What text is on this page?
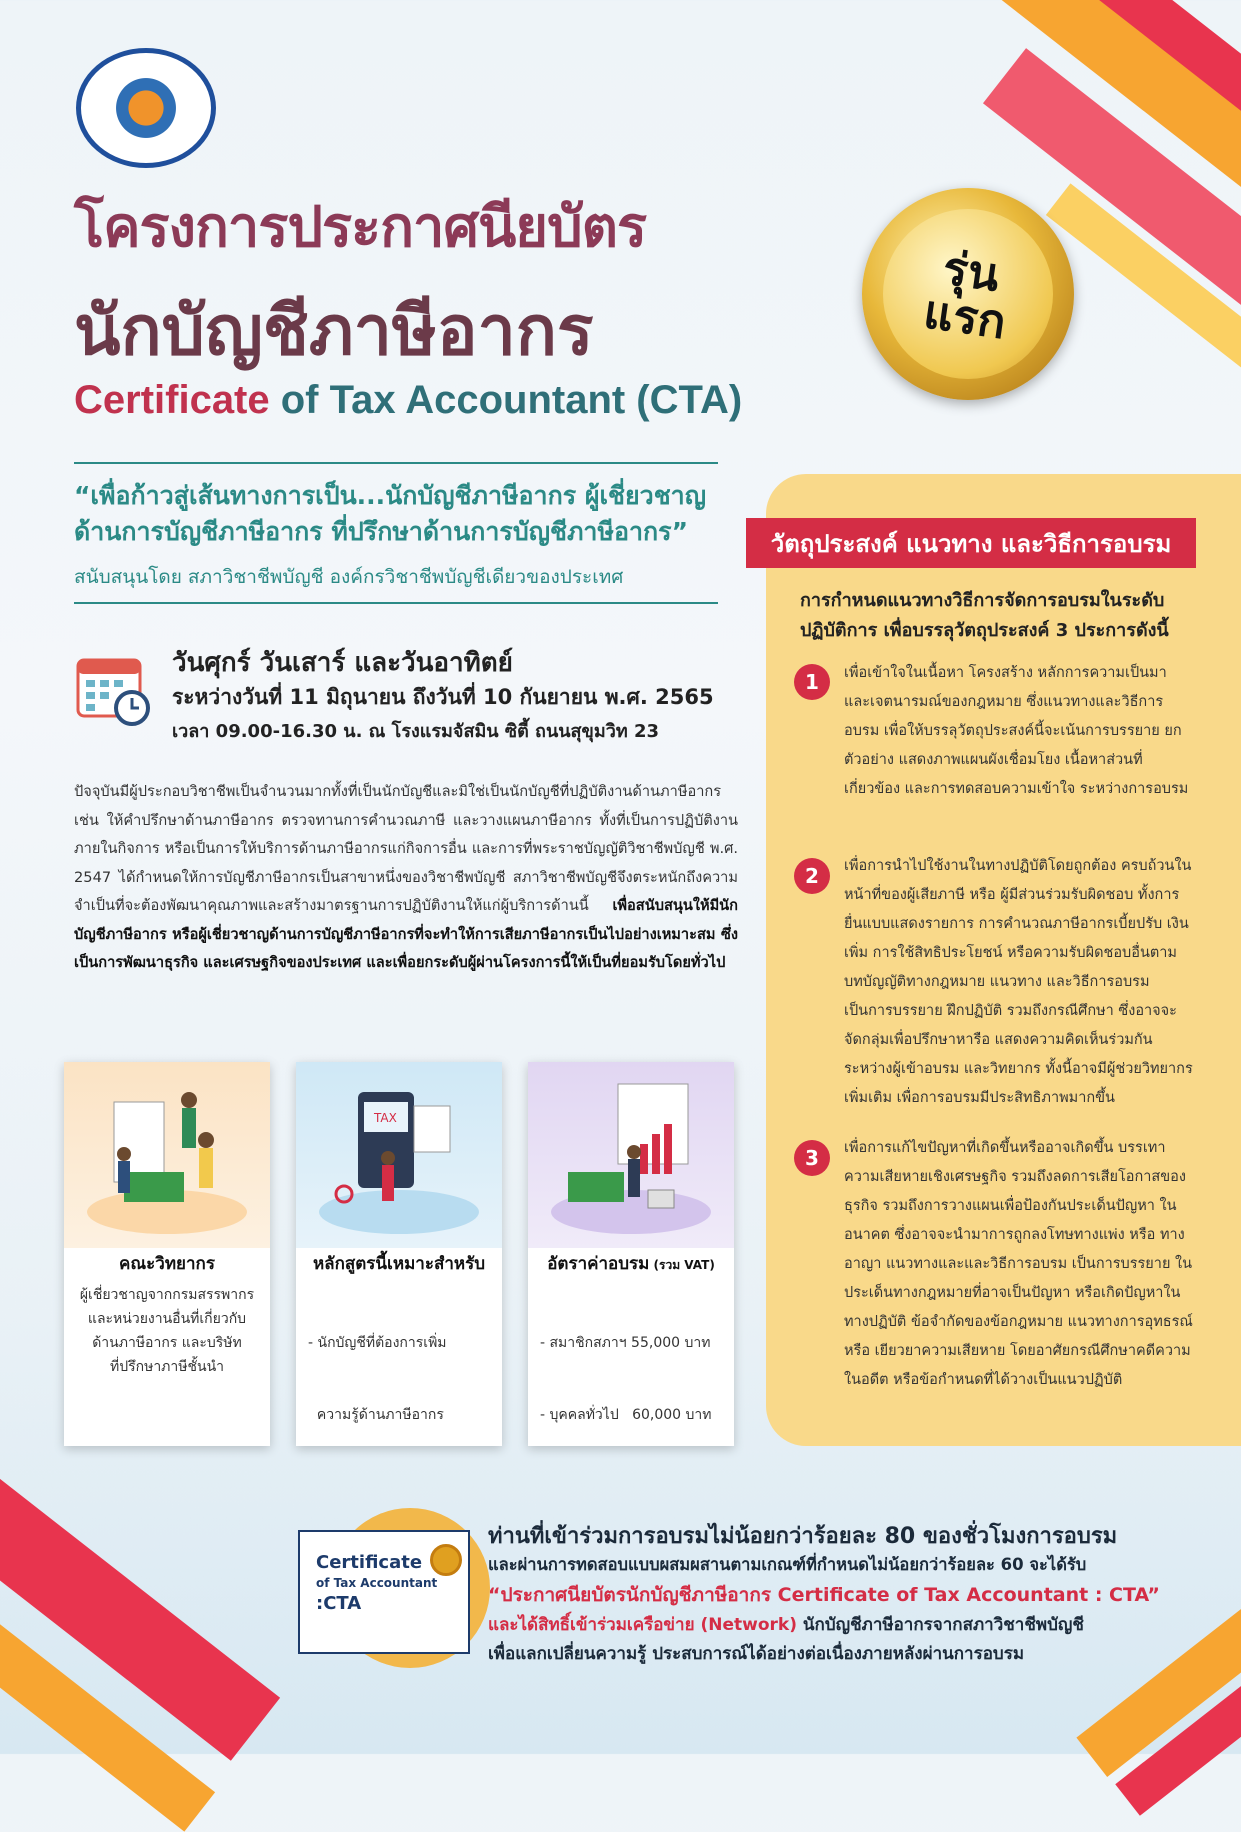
โครงการประกาศนียบัตร
นักบัญชีภาษีอากร
Certificate of Tax Accountant (CTA)
รุ่น
แรก
“เพื่อก้าวสู่เส้นทางการเป็น...นักบัญชีภาษีอากร ผู้เชี่ยวชาญ
ด้านการบัญชีภาษีอากร ที่ปรึกษาด้านการบัญชีภาษีอากร”
สนับสนุนโดย สภาวิชาชีพบัญชี องค์กรวิชาชีพบัญชีเดียวของประเทศ
วันศุกร์ วันเสาร์ และวันอาทิตย์
ระหว่างวันที่ 11 มิถุนายน ถึงวันที่ 10 กันยายน พ.ศ. 2565
เวลา 09.00-16.30 น. ณ โรงแรมจัสมิน ซิตี้ ถนนสุขุมวิท 23
ปัจจุบันมีผู้ประกอบวิชาชีพเป็นจำนวนมากทั้งที่เป็นนักบัญชีและมิใช่เป็นนักบัญชีที่ปฏิบัติงานด้านภาษีอากร เช่น ให้คำปรึกษาด้านภาษีอากร ตรวจทานการคำนวณภาษี และวางแผนภาษีอากร ทั้งที่เป็นการปฏิบัติงานภายในกิจการ หรือเป็นการให้บริการด้านภาษีอากรแก่กิจการอื่น และการที่พระราชบัญญัติวิชาชีพบัญชี พ.ศ. 2547 ได้กำหนดให้การบัญชีภาษีอากรเป็นสาขาหนึ่งของวิชาชีพบัญชี สภาวิชาชีพบัญชีจึงตระหนักถึงความจำเป็นที่จะต้องพัฒนาคุณภาพและสร้างมาตรฐานการปฏิบัติงานให้แก่ผู้บริการด้านนี้ เพื่อสนับสนุนให้มีนักบัญชีภาษีอากร หรือผู้เชี่ยวชาญด้านการบัญชีภาษีอากรที่จะทำให้การเสียภาษีอากรเป็นไปอย่างเหมาะสม ซึ่งเป็นการพัฒนาธุรกิจ และเศรษฐกิจของประเทศ และเพื่อยกระดับผู้ผ่านโครงการนี้ให้เป็นที่ยอมรับโดยทั่วไป
คณะวิทยากร
ผู้เชี่ยวชาญจากกรมสรรพากร
และหน่วยงานอื่นที่เกี่ยวกับ
ด้านภาษีอากร และบริษัท
ที่ปรึกษาภาษีชั้นนำ
TAX
หลักสูตรนี้เหมาะสำหรับ

- นักบัญชีที่ต้องการเพิ่ม

ความรู้ด้านภาษีอากร

อัตราค่าอบรม (รวม VAT)

- สมาชิกสภาฯ 55,000 บาท

- บุคคลทั่วไป   60,000 บาท

วัตถุประสงค์ แนวทาง และวิธีการอบรม
การกำหนดแนวทางวิธีการจัดการอบรมในระดับปฏิบัติการ เพื่อบรรลุวัตถุประสงค์ 3 ประการดังนี้
1	เพื่อเข้าใจในเนื้อหา โครงสร้าง หลักการความเป็นมา และเจตนารมณ์ของกฎหมาย ซึ่งแนวทางและวิธีการอบรม เพื่อให้บรรลุวัตถุประสงค์นี้จะเน้นการบรรยาย ยกตัวอย่าง แสดงภาพแผนผังเชื่อมโยง เนื้อหาส่วนที่เกี่ยวข้อง และการทดสอบความเข้าใจ ระหว่างการอบรม
2	เพื่อการนำไปใช้งานในทางปฏิบัติโดยถูกต้อง ครบถ้วนในหน้าที่ของผู้เสียภาษี หรือ ผู้มีส่วนร่วมรับผิดชอบ ทั้งการยื่นแบบแสดงรายการ การคำนวณภาษีอากรเบี้ยปรับ เงินเพิ่ม การใช้สิทธิประโยชน์ หรือความรับผิดชอบอื่นตามบทบัญญัติทางกฎหมาย แนวทาง และวิธีการอบรม เป็นการบรรยาย ฝึกปฏิบัติ รวมถึงกรณีศึกษา ซึ่งอาจจะจัดกลุ่มเพื่อปรึกษาหารือ แสดงความคิดเห็นร่วมกัน ระหว่างผู้เข้าอบรม และวิทยากร ทั้งนี้อาจมีผู้ช่วยวิทยากร เพิ่มเติม เพื่อการอบรมมีประสิทธิภาพมากขึ้น
3	เพื่อการแก้ไขปัญหาที่เกิดขึ้นหรืออาจเกิดขึ้น บรรเทาความเสียหายเชิงเศรษฐกิจ รวมถึงลดการเสียโอกาสของธุรกิจ รวมถึงการวางแผนเพื่อป้องกันประเด็นปัญหา ในอนาคต ซึ่งอาจจะนำมาการถูกลงโทษทางแพ่ง หรือ ทางอาญา แนวทางและและวิธีการอบรม เป็นการบรรยาย ในประเด็นทางกฎหมายที่อาจเป็นปัญหา หรือเกิดปัญหาในทางปฏิบัติ ข้อจำกัดของข้อกฎหมาย แนวทางการอุทธรณ์ หรือ เยียวยาความเสียหาย โดยอาศัยกรณีศึกษาคดีความในอดีต หรือข้อกำหนดที่ได้วางเป็นแนวปฏิบัติ
Certificate
of Tax Accountant
:CTA
ท่านที่เข้าร่วมการอบรมไม่น้อยกว่าร้อยละ 80 ของชั่วโมงการอบรม
และผ่านการทดสอบแบบผสมผสานตามเกณฑ์ที่กำหนดไม่น้อยกว่าร้อยละ 60 จะได้รับ
“ประกาศนียบัตรนักบัญชีภาษีอากร Certificate of Tax Accountant : CTA”
และได้สิทธิ์เข้าร่วมเครือข่าย (Network) นักบัญชีภาษีอากรจากสภาวิชาชีพบัญชี
เพื่อแลกเปลี่ยนความรู้ ประสบการณ์ได้อย่างต่อเนื่องภายหลังผ่านการอบรม
